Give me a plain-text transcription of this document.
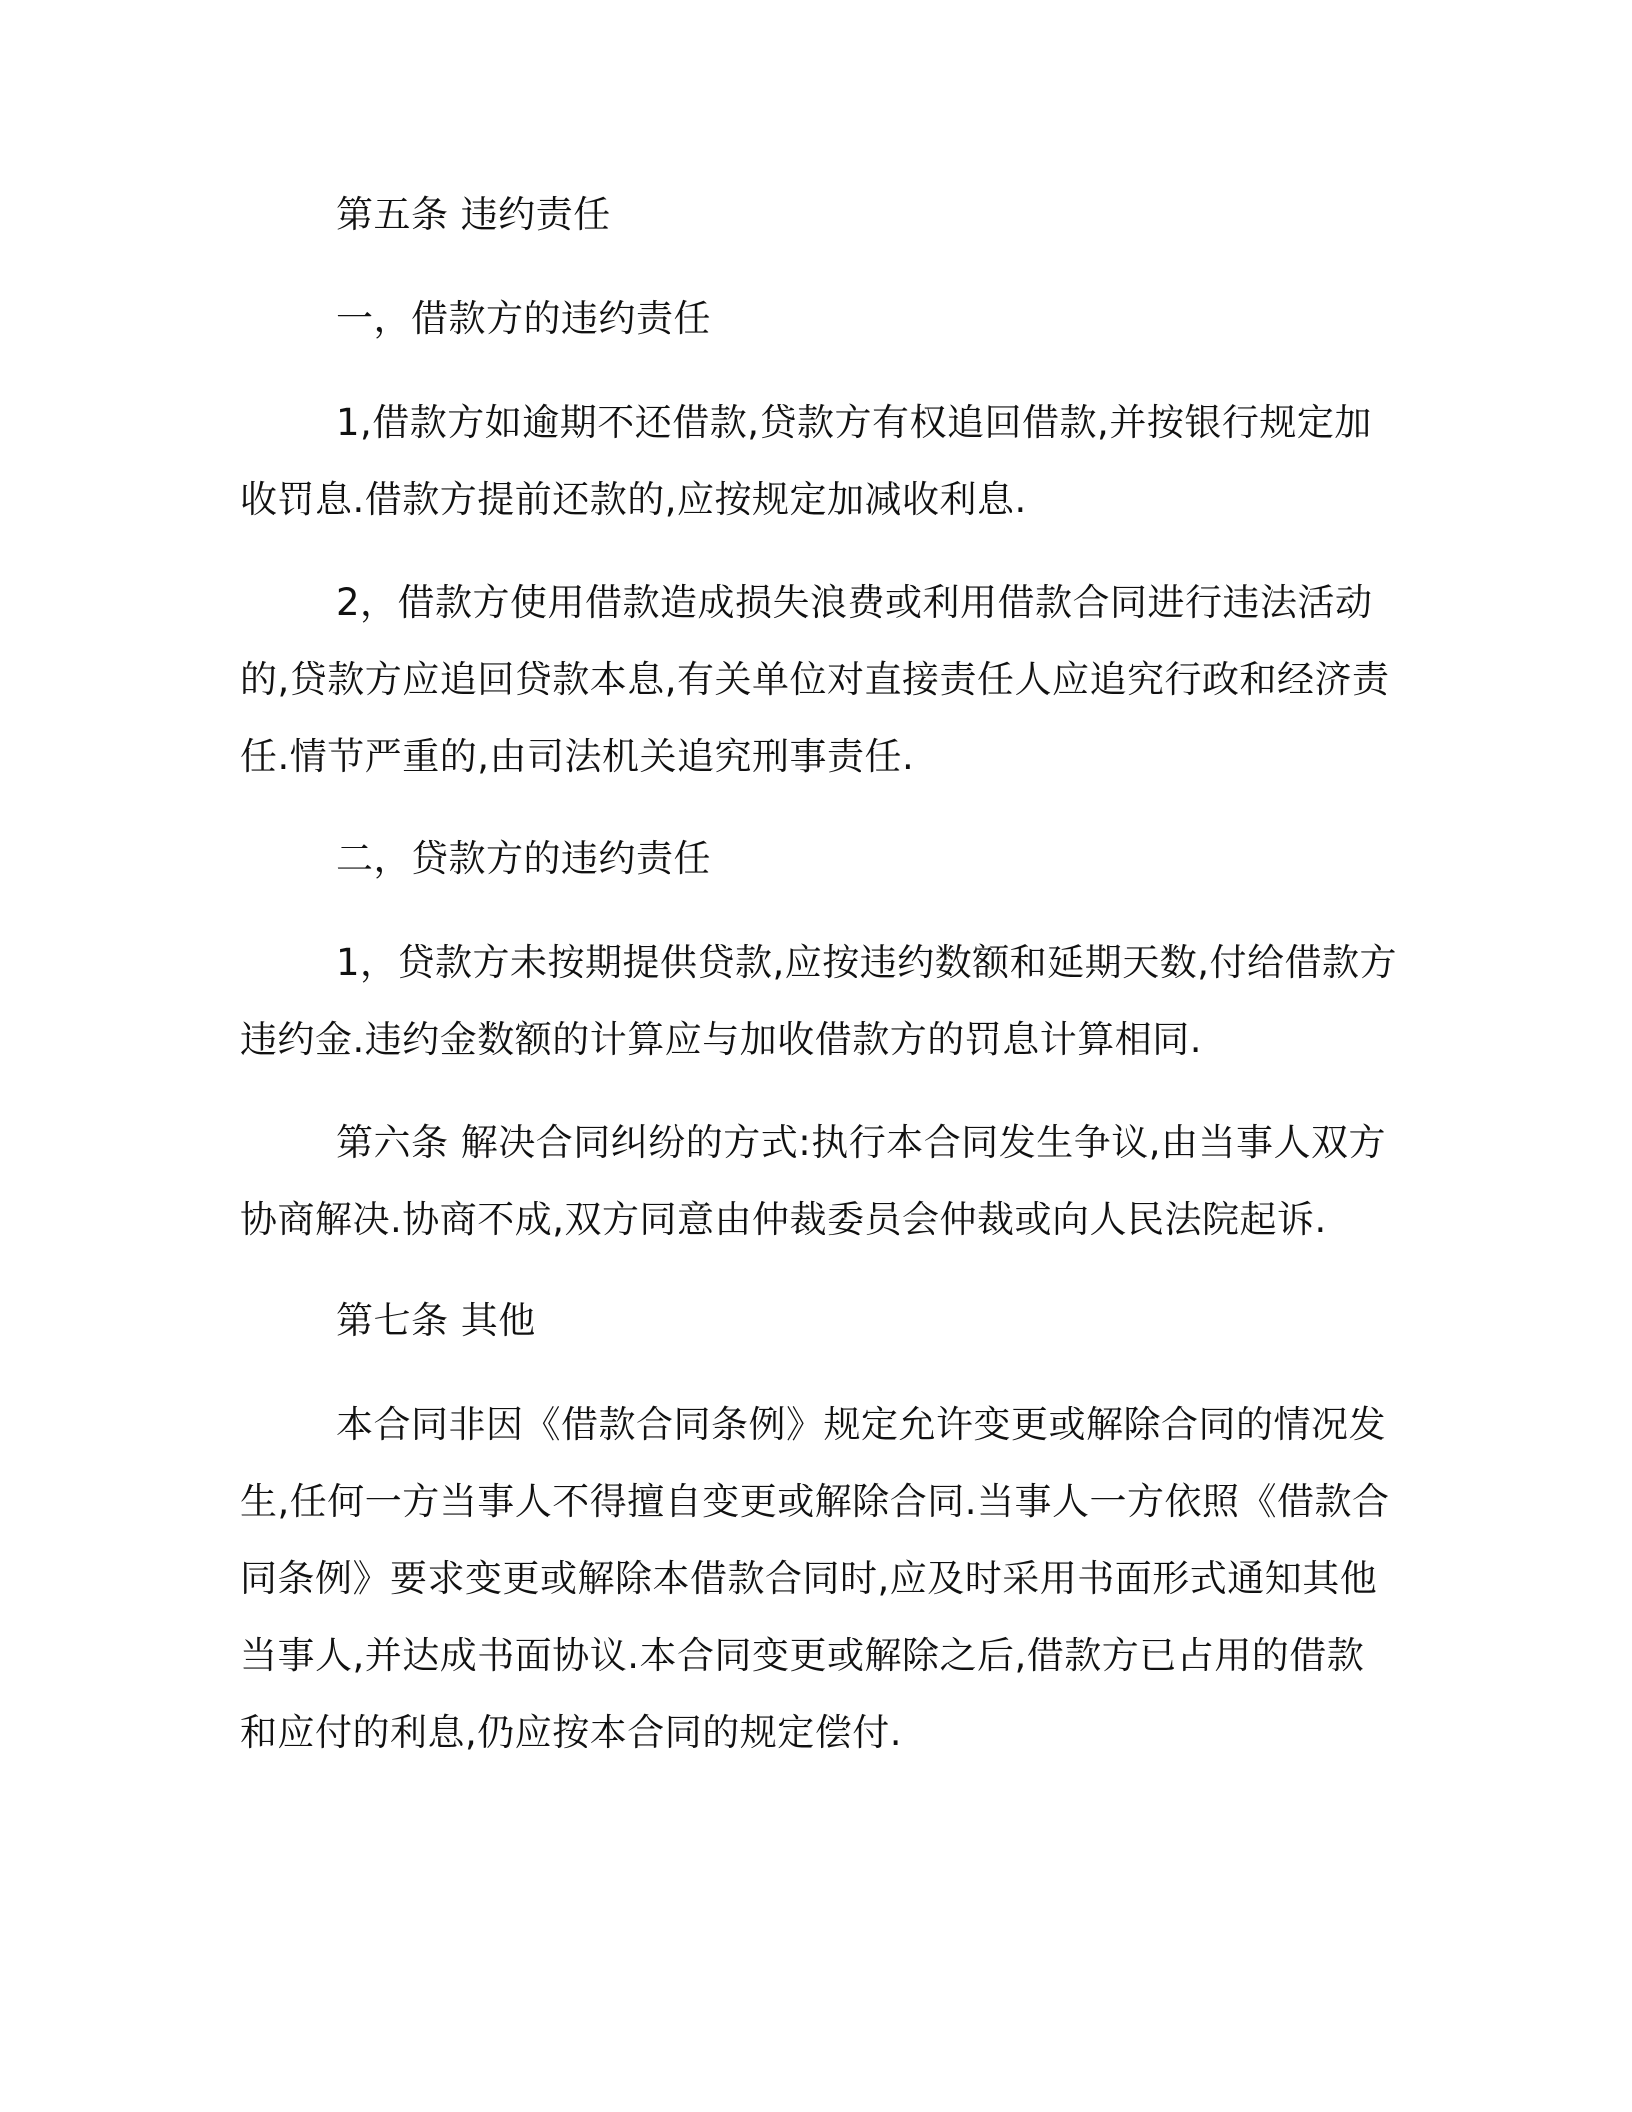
第五条 违约责任
一，借款方的违约责任
1,借款方如逾期不还借款,贷款方有权追回借款,并按银行规定加
收罚息.借款方提前还款的,应按规定加减收利息.
2，借款方使用借款造成损失浪费或利用借款合同进行违法活动
的,贷款方应追回贷款本息,有关单位对直接责任人应追究行政和经济责
任.情节严重的,由司法机关追究刑事责任.
二，贷款方的违约责任
1，贷款方未按期提供贷款,应按违约数额和延期天数,付给借款方
违约金.违约金数额的计算应与加收借款方的罚息计算相同.
第六条 解决合同纠纷的方式:执行本合同发生争议,由当事人双方
协商解决.协商不成,双方同意由仲裁委员会仲裁或向人民法院起诉.
第七条 其他
本合同非因《借款合同条例》规定允许变更或解除合同的情况发
生,任何一方当事人不得擅自变更或解除合同.当事人一方依照《借款合
同条例》要求变更或解除本借款合同时,应及时采用书面形式通知其他
当事人,并达成书面协议.本合同变更或解除之后,借款方已占用的借款
和应付的利息,仍应按本合同的规定偿付.
